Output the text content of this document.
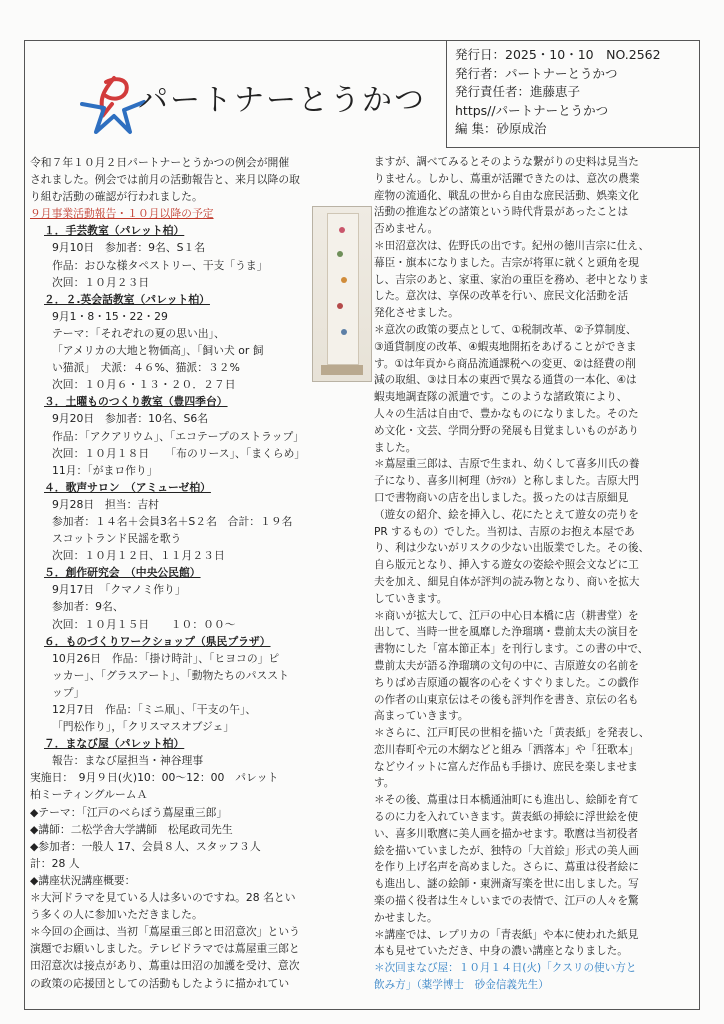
パートナーとうかつ
発行日：2025・10・10　NO.2562
発行者：パートナーとうかつ
発行責任者：進藤恵子
https//パートナーとうかつ
編 集：砂原成治

令和７年１０月２日パートナーとうかつの例会が開催

されました。例会では前月の活動報告と、来月以降の取

り組む活動の確認が行われました。

９月事業活動報告・１０月以降の予定

１．手芸教室（パレット柏）

9月10日　参加者：9名、S１名

作品：おひな様タペストリー、干支「うま」

次回：１０月２３日

２．２.英会話教室（パレット柏）

9月1・8・15・22・29

テーマ：「それぞれの夏の思い出」、

「アメリカの大地と物価高」、「飼い犬 or 飼

い猫派」　犬派：４６%、猫派：３２%

次回：１０月６・１３・２０．２７日

３．土曜ものつくり教室（豊四季台）

9月20日　参加者：10名、S6名

作品：「アクアリウム」、「エコテープのストラップ」

次回：１０月１８日　　「布のリース」、「まくらめ」

11月：「がまロ作り」

４．歌声サロン　（アミューゼ柏）

9月28日　担当：吉村

参加者：１４名＋会員3名＋S２名　合計：１９名

スコットランド民謡を歌う

次回：１０月１２日、１１月２３日

５．創作研究会　（中央公民館）

9月17日　「クマノミ作り」

参加者：9名、

次回：１０月１５日　　１０：００～

６．ものづくりワークショップ（県民プラザ）

10月26日　作品：「掛け時計」、「ヒヨコの」ピ

ッカー」、「グラスアート」、「動物たちのパススト

ップ」

12月7日　作品：「ミニ凧」、「干支の午」、

「門松作り」，「クリスマスオブジェ」

７．まなび屋（パレット柏）

報告：まなび屋担当・神谷理事

実施日：　9月９日(火)10：00～12：00　パレット

柏ミーティングルームＡ

◆テーマ：「江戸のべらぼう蔦屋重三郎」

◆講師：二松学舎大学講師　松尾政司先生

◆参加者：一般人 17、会員８人、スタッフ３人

計：28 人

◆講座状況講座概要：

＊大河ドラマを見ている人は多いのですね。28 名とい

う多くの人に参加いただきました。

＊今回の企画は、当初「蔦屋重三郎と田沼意次」という

演題でお願いしました。テレビドラマでは蔦屋重三郎と

田沼意次は接点があり、蔦重は田沼の加護を受け、意次

の政策の応援団としての活動もしたように描かれてい

ますが、調べてみるとそのような繋がりの史料は見当た

りません。しかし、蔦重が活躍できたのは、意次の農業

産物の流通化、戦乱の世から自由な庶民活動、娯楽文化

活動の推進などの諸策という時代背景があったことは

否めません。

＊田沼意次は、佐野氏の出です。紀州の徳川吉宗に仕え、

幕臣・旗本になりました。吉宗が将軍に就くと頭角を現

し、吉宗のあと、家重、家治の重臣を務め、老中となりま

した。意次は、享保の改革を行い、庶民文化活動を活

発化させました。

＊意次の政策の要点として、①税制改革、②予算制度、

③通貨制度の改革、④蝦夷地開拓をあげることができま

す。①は年貢から商品流通課税への変更、②は経費の削

減の取組、③は日本の東西で異なる通貨の一本化、④は

蝦夷地調査隊の派遣です。このような諸政策により、

人々の生活は自由で、豊かなものになりました。そのた

め文化・文芸、学問分野の発展も目覚ましいものがあり

ました。

＊蔦屋重三郎は、吉原で生まれ、幼くして喜多川氏の養

子になり、喜多川柯理（ｶﾗﾏﾙ）と称しました。吉原大門

口で書物商いの店を出しました。扱ったのは吉原細見

（遊女の紹介、絵を挿入し、花にたとえて遊女の売りを

PR するもの）でした。当初は、吉原のお抱え本屋であ

り、利は少ないがリスクの少ない出版業でした。その後、

自ら版元となり、挿入する遊女の姿絵や照会文などに工

夫を加え、細見自体が評判の読み物となり、商いを拡大

していきます。

＊商いが拡大して、江戸の中心日本橋に店（耕書堂）を

出して、当時一世を風靡した浄瑠璃・豊前太夫の演目を

書物にした「富本節正本」を刊行します。この書の中で、

豊前太夫が語る浄瑠璃の文句の中に、吉原遊女の名前を

ちりばめ吉原通の観客の心をくすぐりました。この戯作

の作者の山東京伝はその後も評判作を書き、京伝の名も

高まっていきます。

＊さらに、江戸町民の世相を描いた「黄表紙」を発表し、

恋川春町や元の木網などと組み「洒落本」や「狂歌本」

などウイットに富んだ作品も手掛け、庶民を楽しませま

す。

＊その後、蔦重は日本橋通油町にも進出し、絵師を育て

るのに力を入れていきます。黄表紙の挿絵に浮世絵を使

い、喜多川歌麿に美人画を描かせます。歌麿は当初役者

絵を描いていましたが、独特の「大首絵」形式の美人画

を作り上げ名声を高めました。さらに、蔦重は役者絵に

も進出し、謎の絵師・東洲斎写楽を世に出しました。写

楽の描く役者は生々しいまでの表情で、江戸の人々を驚

かせました。

＊講座では、レプリカの「青表紙」や本に使われた紙見

本も見せていただき、中身の濃い講座となりました。

＊次回まなび屋：１０月１４日(火)「クスリの使い方と

飲み方」（薬学博士　砂金信義先生）
